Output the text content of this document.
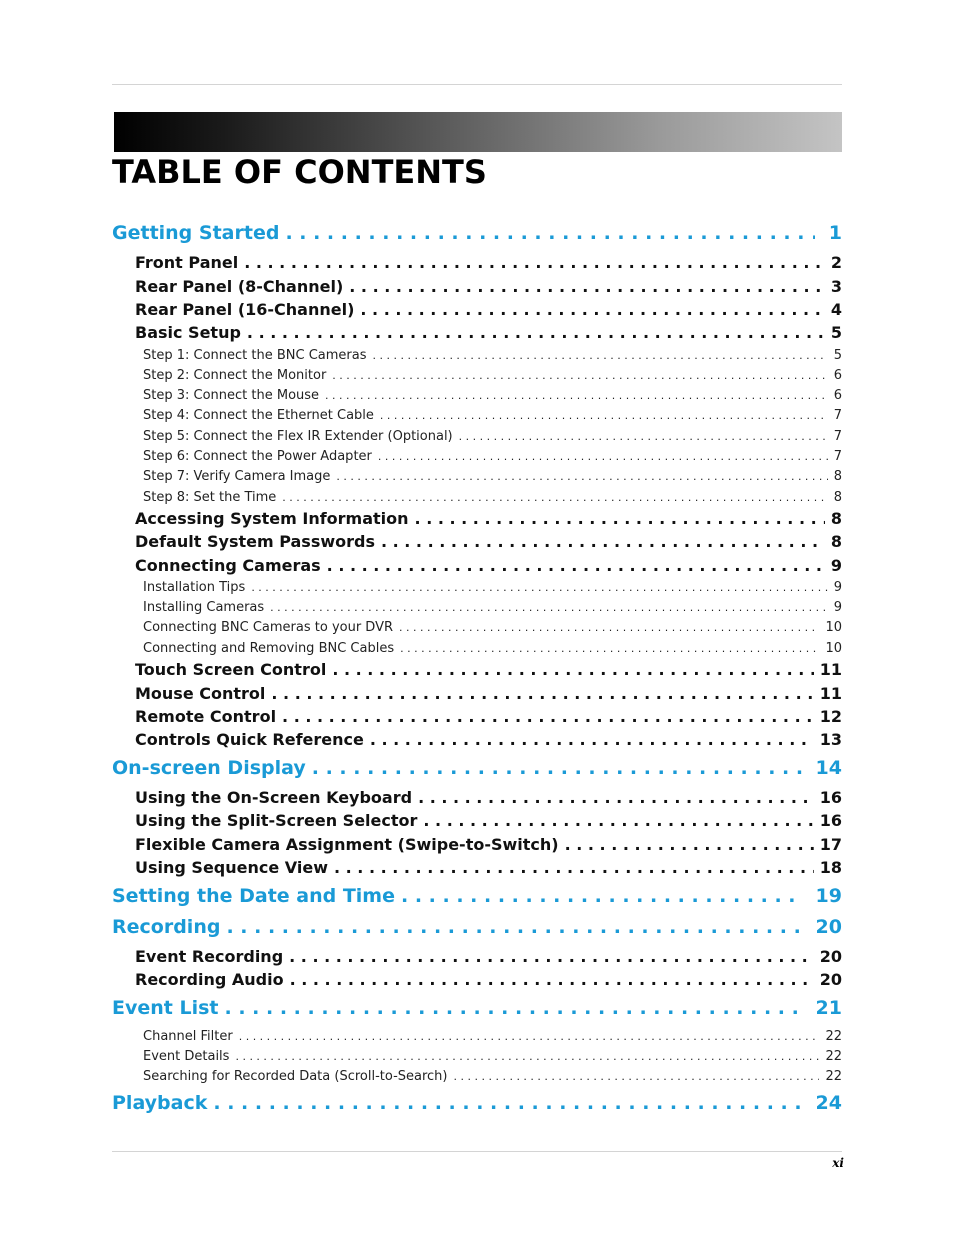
TABLE OF CONTENTS
Getting Started . . .	1
Front Panel . . .	2
Rear Panel (8-Channel) . . .	3
Rear Panel (16-Channel) . . .	4
Basic Setup . . .	5
Step 1: Connect the BNC Cameras . . .	5
Step 2: Connect the Monitor . . .	6
Step 3: Connect the Mouse . . .	6
Step 4: Connect the Ethernet Cable . . .	7
Step 5: Connect the Flex IR Extender (Optional) . . .	7
Step 6: Connect the Power Adapter . . .	7
Step 7: Verify Camera Image . . .	8
Step 8: Set the Time . . .	8
Accessing System Information . . .	8
Default System Passwords . . .	8
Connecting Cameras . . .	9
Installation Tips . . .	9
Installing Cameras . . .	9
Connecting BNC Cameras to your DVR . . .	10
Connecting and Removing BNC Cables . . .	10
Touch Screen Control . . .	11
Mouse Control . . .	11
Remote Control . . .	12
Controls Quick Reference . . .	13
On-screen Display . . .	14
Using the On-Screen Keyboard . . .	16
Using the Split-Screen Selector . . .	16
Flexible Camera Assignment (Swipe-to-Switch) . . .	17
Using Sequence View . . .	18
Setting the Date and Time . . .	19
Recording . . .	20
Event Recording . . .	20
Recording Audio . . .	20
Event List . . .	21
Channel Filter . . .	22
Event Details . . .	22
Searching for Recorded Data (Scroll-to-Search) . . .	22
Playback . . .	24
xi
